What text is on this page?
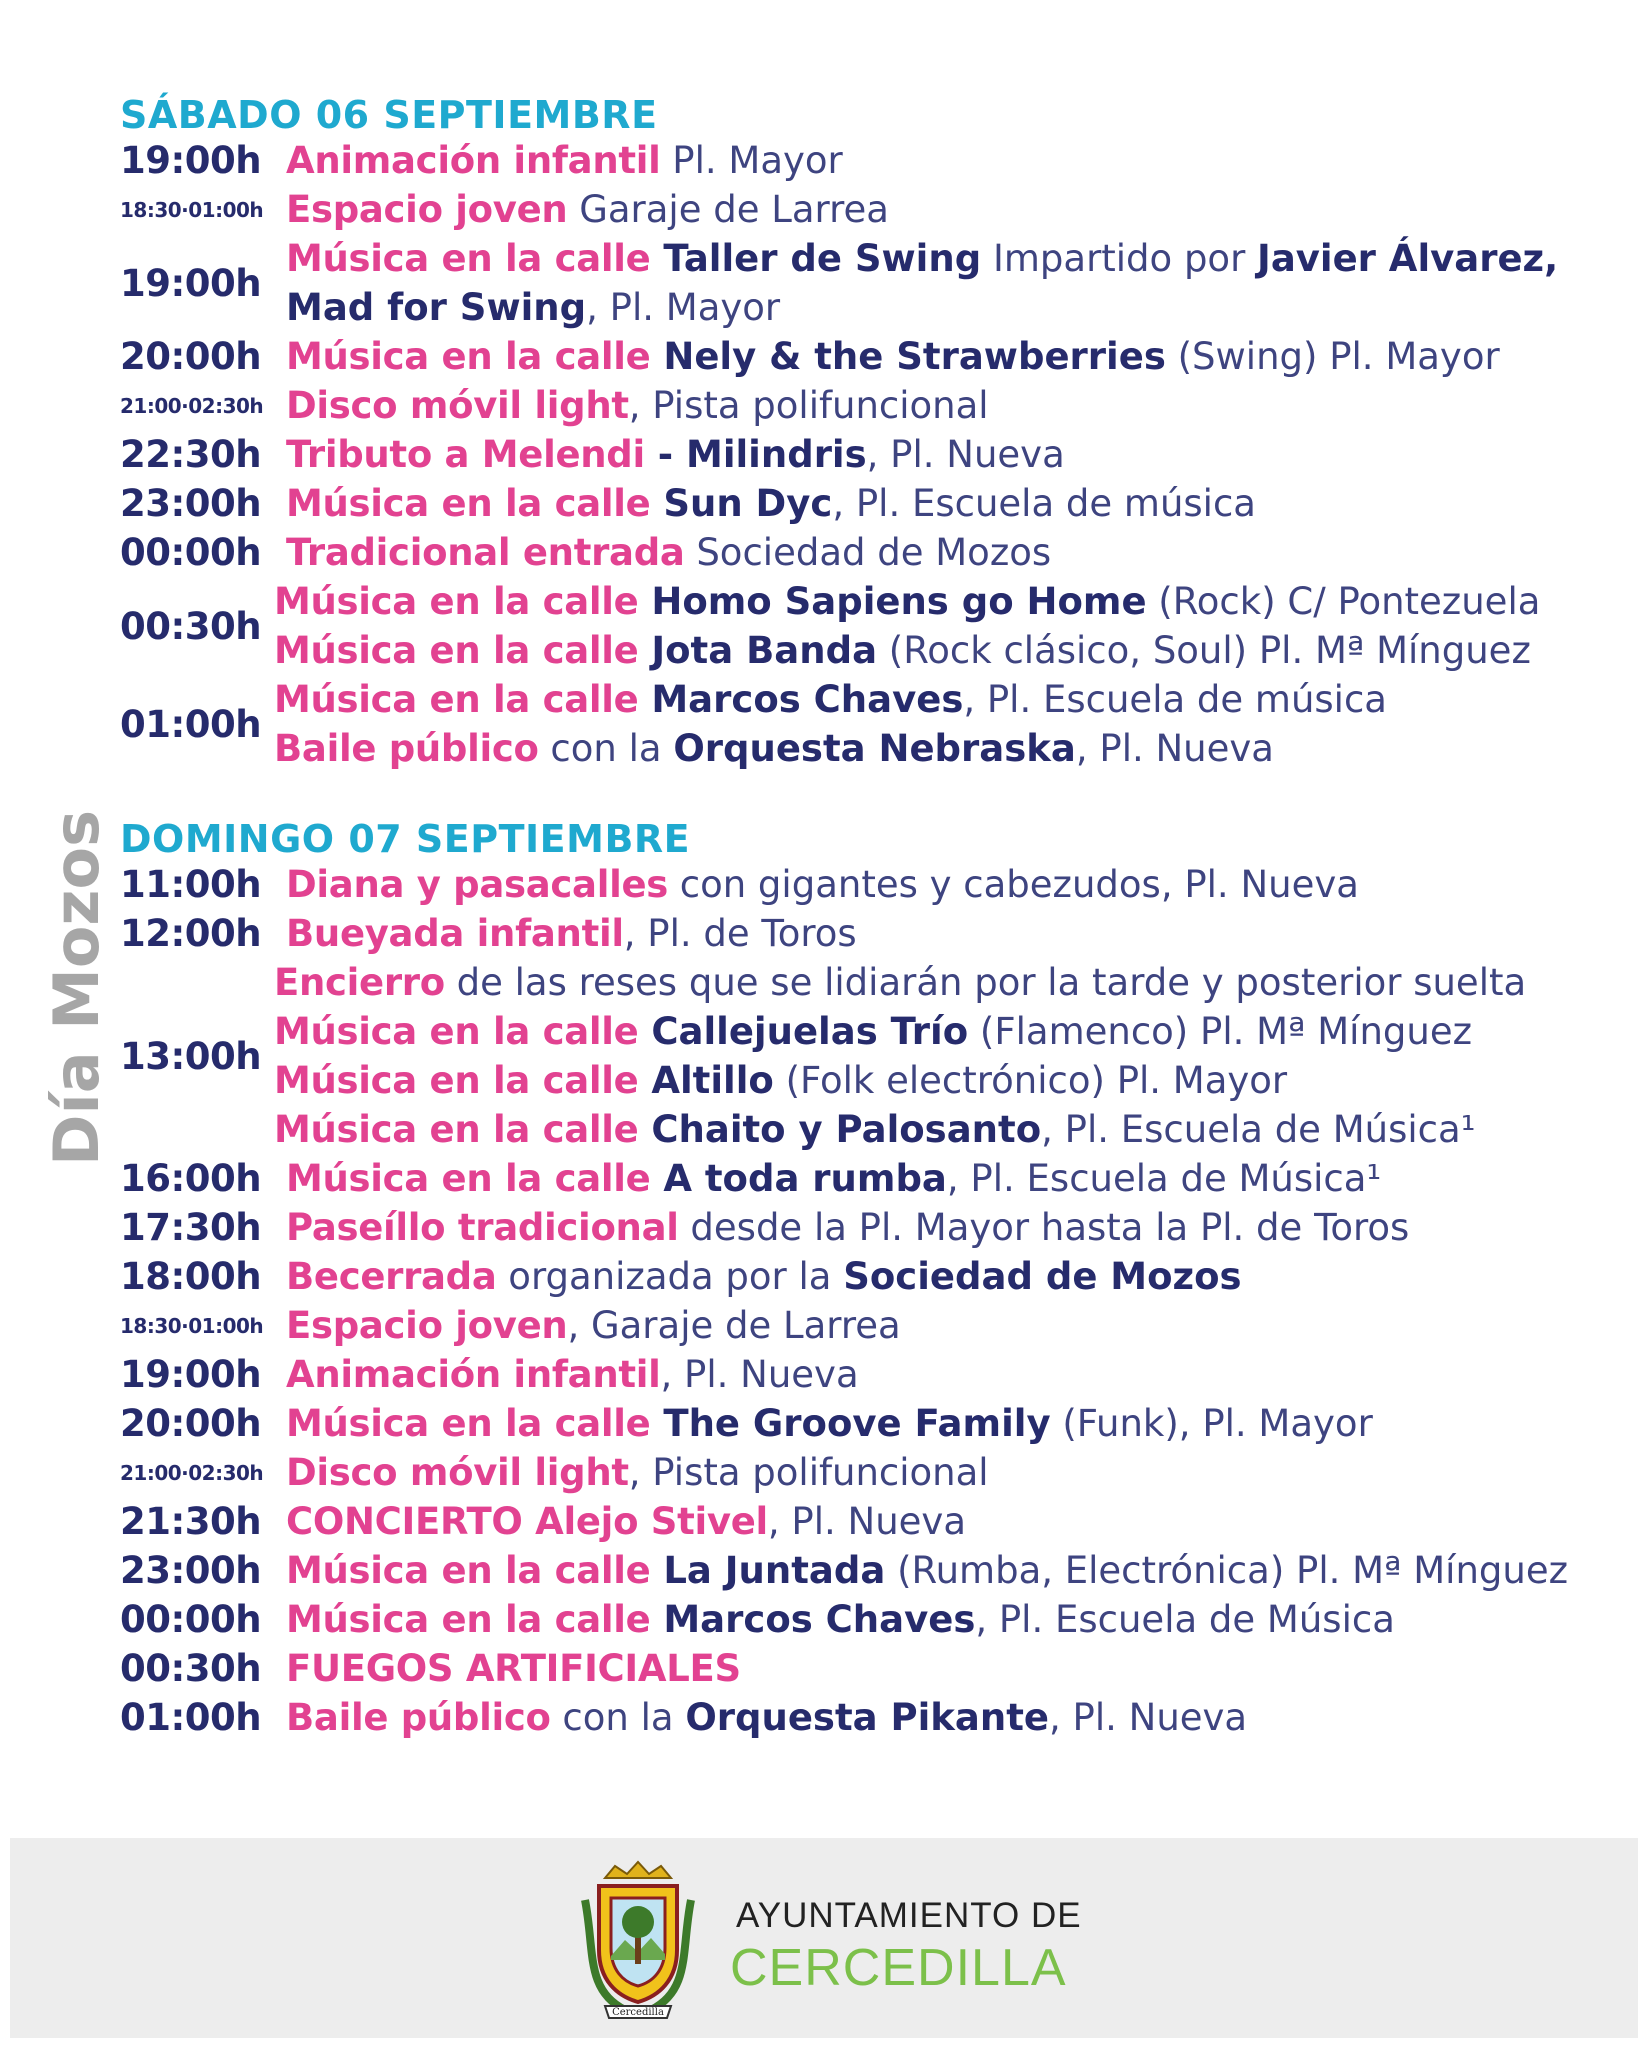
Día Mozos
SÁBADO 06 SEPTIEMBRE
19:00h Animación infantil Pl. Mayor
18:30·01:00h Espacio joven Garaje de Larrea
19:00h
Música en la calle Taller de Swing Impartido por Javier Álvarez,
Mad for Swing, Pl. Mayor
20:00h Música en la calle Nely & the Strawberries (Swing) Pl. Mayor
21:00·02:30h Disco móvil light, Pista polifuncional
22:30h Tributo a Melendi - Milindris, Pl. Nueva
23:00h Música en la calle Sun Dyc, Pl. Escuela de música
00:00h Tradicional entrada Sociedad de Mozos
00:30h
Música en la calle Homo Sapiens go Home (Rock) C/ Pontezuela
Música en la calle Jota Banda (Rock clásico, Soul) Pl. Mª Mínguez
01:00h
Música en la calle Marcos Chaves, Pl. Escuela de música
Baile público con la Orquesta Nebraska, Pl. Nueva
DOMINGO 07 SEPTIEMBRE
11:00h Diana y pasacalles con gigantes y cabezudos, Pl. Nueva
12:00h Bueyada infantil, Pl. de Toros
13:00h
Encierro de las reses que se lidiarán por la tarde y posterior suelta
Música en la calle Callejuelas Trío (Flamenco) Pl. Mª Mínguez
Música en la calle Altillo (Folk electrónico) Pl. Mayor
Música en la calle Chaito y Palosanto, Pl. Escuela de Música¹
16:00h Música en la calle A toda rumba, Pl. Escuela de Música¹
17:30h Paseíllo tradicional desde la Pl. Mayor hasta la Pl. de Toros
18:00h Becerrada organizada por la Sociedad de Mozos
18:30·01:00h Espacio joven, Garaje de Larrea
19:00h Animación infantil, Pl. Nueva
20:00h Música en la calle The Groove Family (Funk), Pl. Mayor
21:00·02:30h Disco móvil light, Pista polifuncional
21:30h CONCIERTO Alejo Stivel, Pl. Nueva
23:00h Música en la calle La Juntada (Rumba, Electrónica) Pl. Mª Mínguez
00:00h Música en la calle Marcos Chaves, Pl. Escuela de Música
00:30h FUEGOS ARTIFICIALES
01:00h Baile público con la Orquesta Pikante, Pl. Nueva
Cercedilla
AYUNTAMIENTO DE
CERCEDILLA
